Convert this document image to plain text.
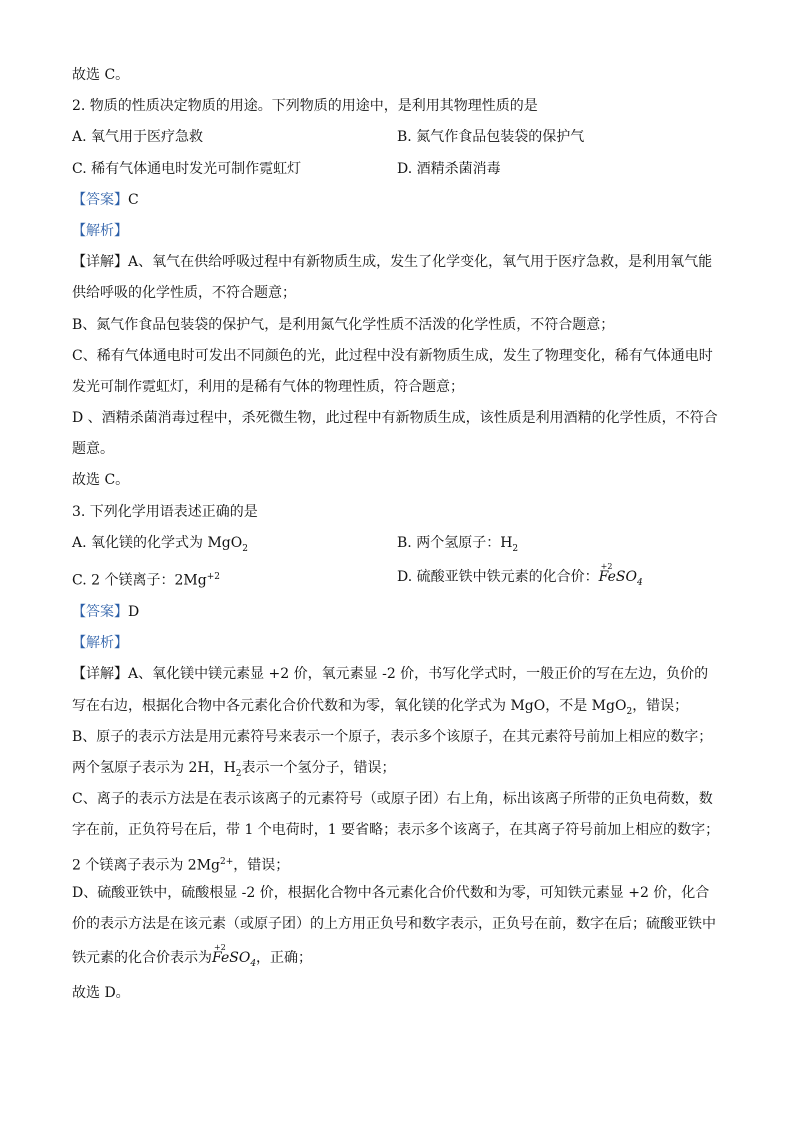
故选 C。
2. 物质的性质决定物质的用途。下列物质的用途中，是利用其物理性质的是
A. 氧气用于医疗急救	B. 氮气作食品包装袋的保护气
C. 稀有气体通电时发光可制作霓虹灯	D. 酒精杀菌消毒
【答案】C
【解析】
【详解】A、氧气在供给呼吸过程中有新物质生成，发生了化学变化，氧气用于医疗急救，是利用氧气能
供给呼吸的化学性质，不符合题意；
B、氮气作食品包装袋的保护气，是利用氮气化学性质不活泼的化学性质，不符合题意；
C、稀有气体通电时可发出不同颜色的光，此过程中没有新物质生成，发生了物理变化，稀有气体通电时
发光可制作霓虹灯，利用的是稀有气体的物理性质，符合题意；
D 、酒精杀菌消毒过程中，杀死微生物，此过程中有新物质生成，该性质是利用酒精的化学性质，不符合
题意。
故选 C。
3. 下列化学用语表述正确的是
A. 氧化镁的化学式为 MgO$_2$	B. 两个氢原子：$H_2$
C. 2 个镁离子：$2Mg^{+2}$	D. 硫酸亚铁中铁元素的化合价：
+2
FeSO$_4$
【答案】D
【解析】
【详解】A、氧化镁中镁元素显 +2 价，氧元素显 -2 价，书写化学式时，一般正价的写在左边，负价的
写在右边，根据化合物中各元素化合价代数和为零，氧化镁的化学式为 MgO，不是 MgO$_2$，错误；
B、原子的表示方法是用元素符号来表示一个原子，表示多个该原子，在其元素符号前加上相应的数字；
两个氢原子表示为 2H，$H_2$表示一个氢分子，错误；
C、离子的表示方法是在表示该离子的元素符号（或原子团）右上角，标出该离子所带的正负电荷数，数
字在前，正负符号在后，带 1 个电荷时，1 要省略；表示多个该离子，在其离子符号前加上相应的数字；
2 个镁离子表示为 $2Mg^{2+}$，错误；
D、硫酸亚铁中，硫酸根显 -2 价，根据化合物中各元素化合价代数和为零，可知铁元素显 +2 价，化合
价的表示方法是在该元素（或原子团）的上方用正负号和数字表示，正负号在前，数字在后；硫酸亚铁中
铁元素的化合价表示为
+2
FeSO$_4$，正确；
故选 D。
